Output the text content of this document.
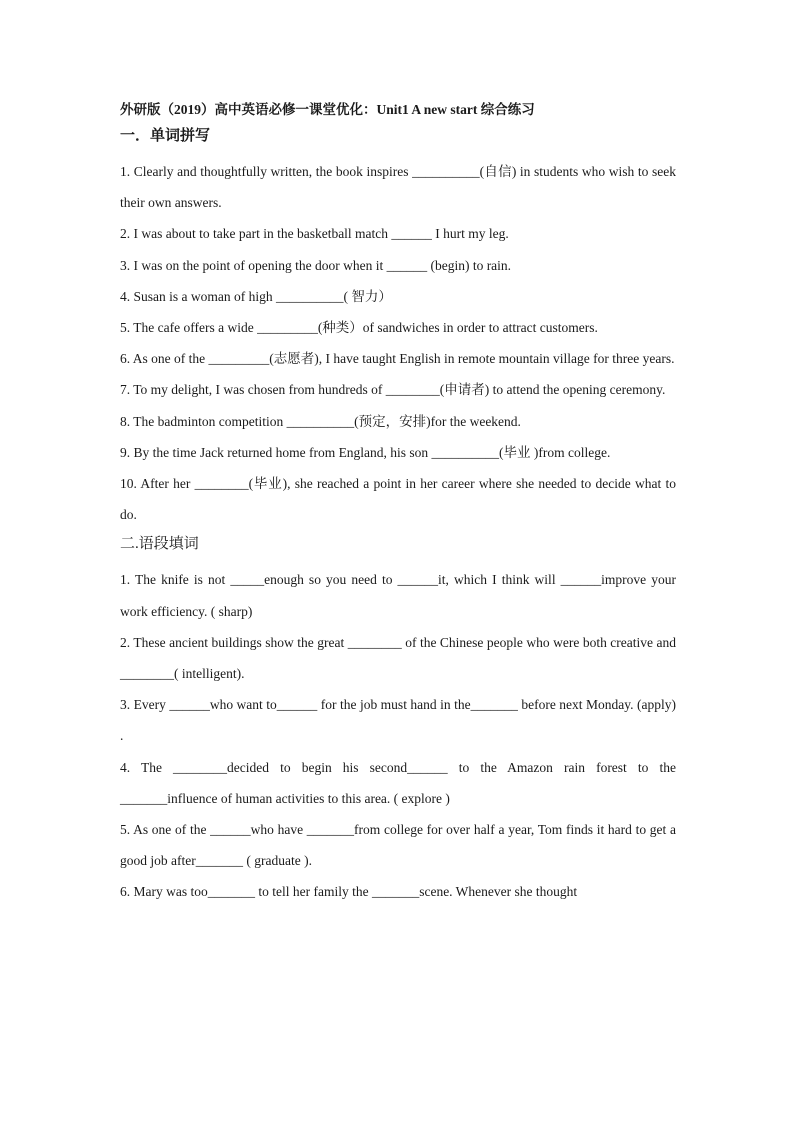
外研版（2019）高中英语必修一课堂优化：Unit1 A new start 综合练习

一．单词拼写

1. Clearly and thoughtfully written, the book inspires __________(自信) in students who wish to seek their own answers.

2. I was about to take part in the basketball match ______ I hurt my leg.

3. I was on the point of opening the door when it ______ (begin) to rain.

4. Susan is a woman of high __________( 智力）

5. The cafe offers a wide _________(种类）of sandwiches in order to attract customers.

6. As one of the _________(志愿者), I have taught English in remote mountain village for three years.

7. To my delight, I was chosen from hundreds of ________(申请者) to attend the opening ceremony.

8. The badminton competition __________(预定，安排)for the weekend.

9. By the time Jack returned home from England, his son __________(毕业 )from college.

10. After her ________(毕业), she reached a point in her career where she needed to decide what to do.

二.语段填词

1. The knife is not _____enough so you need to ______it, which I think will ______improve your work efficiency. ( sharp)

2. These ancient buildings show the great ________ of the Chinese people who were both creative and ________( intelligent).

3. Every ______who want to______ for the job must hand in the_______ before next Monday. (apply) .

4. The ________decided to begin his second______ to the Amazon rain forest to the _______influence of human activities to this area. ( explore )

5. As one of the ______who have _______from college for over half a year, Tom finds it hard to get a good job after_______ ( graduate ).

6. Mary was too_______ to tell her family the _______scene. Whenever she thought
